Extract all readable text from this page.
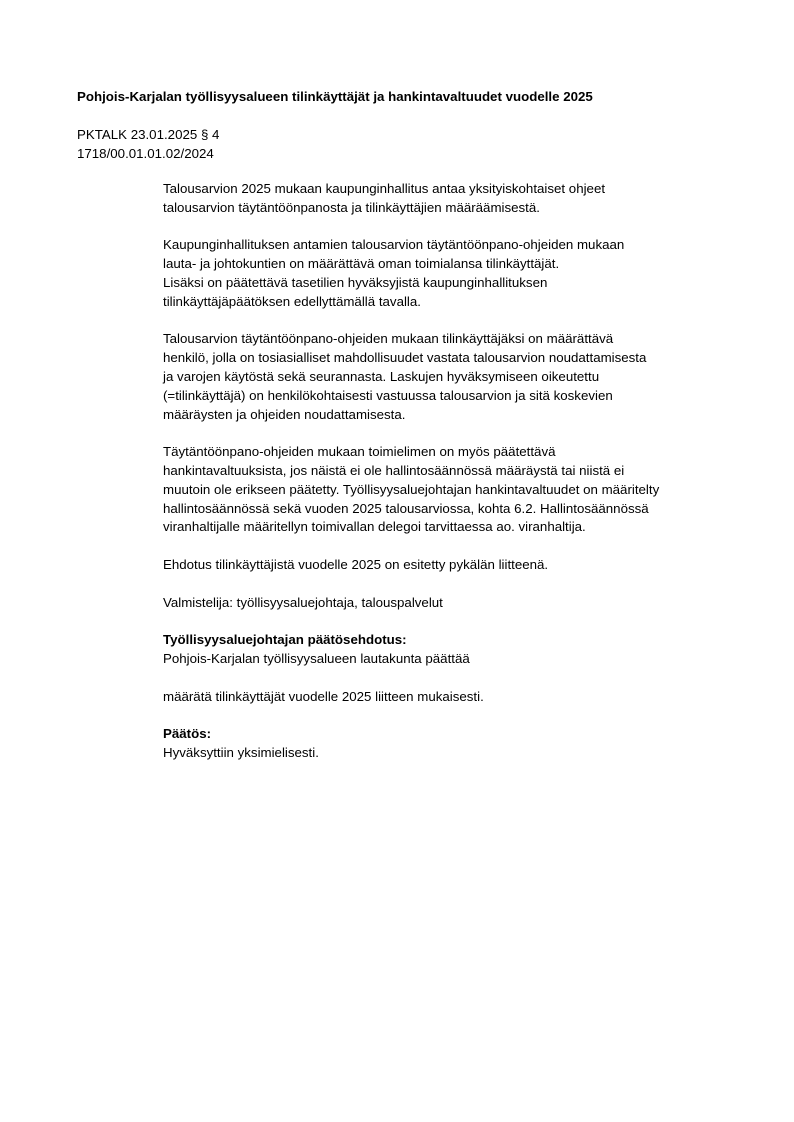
Pohjois-Karjalan työllisyysalueen tilinkäyttäjät ja hankintavaltuudet vuodelle 2025
PKTALK 23.01.2025 § 4
1718/00.01.01.02/2024
Talousarvion 2025 mukaan kaupunginhallitus antaa yksityiskohtaiset ohjeet
talousarvion täytäntöönpanosta ja tilinkäyttäjien määräämisestä.
Kaupunginhallituksen antamien talousarvion täytäntöönpano-ohjeiden mukaan
lauta- ja johtokuntien on määrättävä oman toimialansa tilinkäyttäjät.
Lisäksi on päätettävä tasetilien hyväksyjistä kaupunginhallituksen
tilinkäyttäjäpäätöksen edellyttämällä tavalla.
Talousarvion täytäntöönpano-ohjeiden mukaan tilinkäyttäjäksi on määrättävä
henkilö, jolla on tosiasialliset mahdollisuudet vastata talousarvion noudattamisesta
ja varojen käytöstä sekä seurannasta. Laskujen hyväksymiseen oikeutettu
(=tilinkäyttäjä) on henkilökohtaisesti vastuussa talousarvion ja sitä koskevien
määräysten ja ohjeiden noudattamisesta.
Täytäntöönpano-ohjeiden mukaan toimielimen on myös päätettävä
hankintavaltuuksista, jos näistä ei ole hallintosäännössä määräystä tai niistä ei
muutoin ole erikseen päätetty. Työllisyysaluejohtajan hankintavaltuudet on määritelty
hallintosäännössä sekä vuoden 2025 talousarviossa, kohta 6.2. Hallintosäännössä
viranhaltijalle määritellyn toimivallan delegoi tarvittaessa ao. viranhaltija.
Ehdotus tilinkäyttäjistä vuodelle 2025 on esitetty pykälän liitteenä.
Valmistelija: työllisyysaluejohtaja, talouspalvelut
Työllisyysaluejohtajan päätösehdotus:
Pohjois-Karjalan työllisyysalueen lautakunta päättää
määrätä tilinkäyttäjät vuodelle 2025 liitteen mukaisesti.
Päätös:
Hyväksyttiin yksimielisesti.
